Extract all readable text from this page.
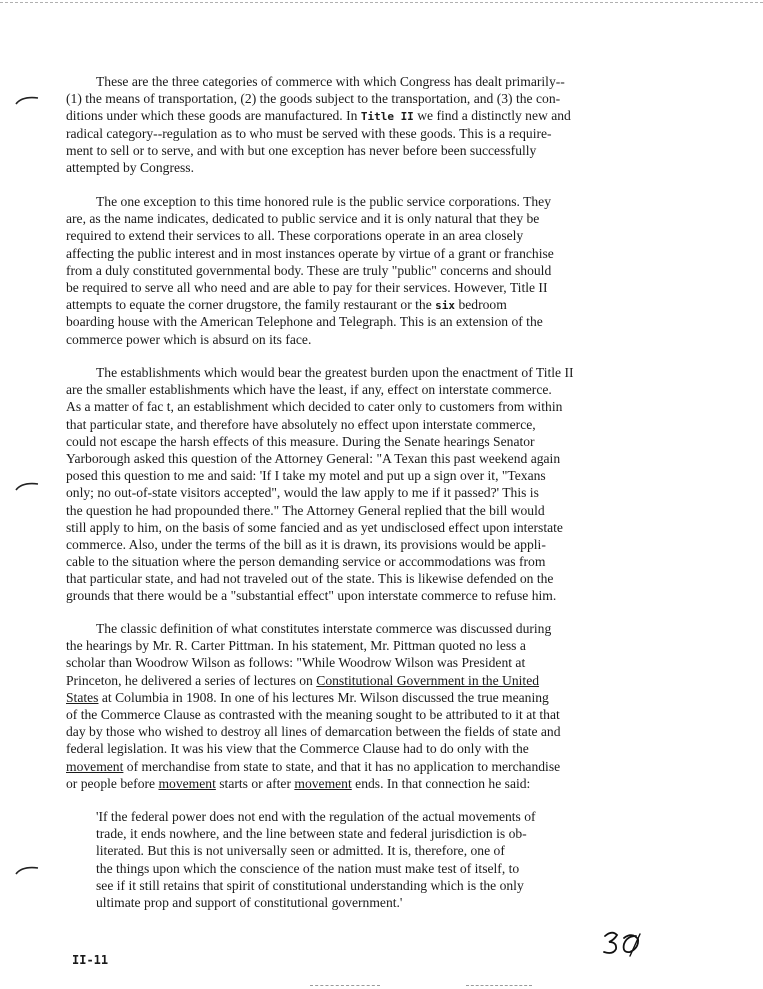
These are the three categories of commerce with which Congress has dealt primarily--
(1) the means of transportation, (2) the goods subject to the transportation, and (3) the con-
ditions under which these goods are manufactured. In Title II we find a distinctly new and
radical category--regulation as to who must be served with these goods. This is a require-
ment to sell or to serve, and with but one exception has never before been successfully
attempted by Congress.
The one exception to this time honored rule is the public service corporations. They
are, as the name indicates, dedicated to public service and it is only natural that they be
required to extend their services to all. These corporations operate in an area closely
affecting the public interest and in most instances operate by virtue of a grant or franchise
from a duly constituted governmental body. These are truly "public" concerns and should
be required to serve all who need and are able to pay for their services. However, Title II
attempts to equate the corner drugstore, the family restaurant or the six bedroom
boarding house with the American Telephone and Telegraph. This is an extension of the
commerce power which is absurd on its face.
The establishments which would bear the greatest burden upon the enactment of Title II
are the smaller establishments which have the least, if any, effect on interstate commerce.
As a matter of fac t, an establishment which decided to cater only to customers from within
that particular state, and therefore have absolutely no effect upon interstate commerce,
could not escape the harsh effects of this measure. During the Senate hearings Senator
Yarborough asked this question of the Attorney General: "A Texan this past weekend again
posed this question to me and said: 'If I take my motel and put up a sign over it, "Texans
only; no out-of-state visitors accepted", would the law apply to me if it passed?' This is
the question he had propounded there." The Attorney General replied that the bill would
still apply to him, on the basis of some fancied and as yet undisclosed effect upon interstate
commerce. Also, under the terms of the bill as it is drawn, its provisions would be appli-
cable to the situation where the person demanding service or accommodations was from
that particular state, and had not traveled out of the state. This is likewise defended on the
grounds that there would be a "substantial effect" upon interstate commerce to refuse him.
The classic definition of what constitutes interstate commerce was discussed during
the hearings by Mr. R. Carter Pittman. In his statement, Mr. Pittman quoted no less a
scholar than Woodrow Wilson as follows: "While Woodrow Wilson was President at
Princeton, he delivered a series of lectures on Constitutional Government in the United
States at Columbia in 1908. In one of his lectures Mr. Wilson discussed the true meaning
of the Commerce Clause as contrasted with the meaning sought to be attributed to it at that
day by those who wished to destroy all lines of demarcation between the fields of state and
federal legislation. It was his view that the Commerce Clause had to do only with the
movement of merchandise from state to state, and that it has no application to merchandise
or people before movement starts or after movement ends. In that connection he said:
'If the federal power does not end with the regulation of the actual movements of
trade, it ends nowhere, and the line between state and federal jurisdiction is ob-
literated. But this is not universally seen or admitted. It is, therefore, one of
the things upon which the conscience of the nation must make test of itself, to
see if it still retains that spirit of constitutional understanding which is the only
ultimate prop and support of constitutional government.'
II-11
